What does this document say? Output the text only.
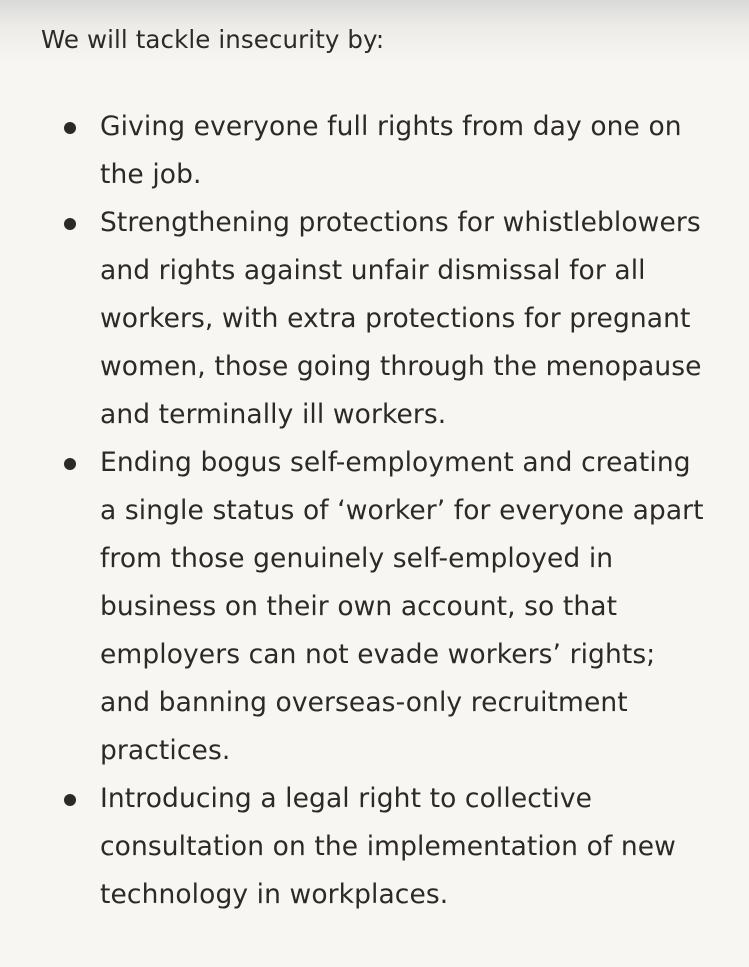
We will tackle insecurity by:

Giving everyone full rights from day one on the job.
Strengthening protections for whistleblowers and rights against unfair dismissal for all workers, with extra protections for pregnant women, those going through the menopause and terminally ill workers.
Ending bogus self-employment and creating a single status of ‘worker’ for everyone apart from those genuinely self-employed in business on their own account, so that employers can not evade workers’ rights; and banning overseas-only recruitment practices.
Introducing a legal right to collective consultation on the implementation of new technology in workplaces.
